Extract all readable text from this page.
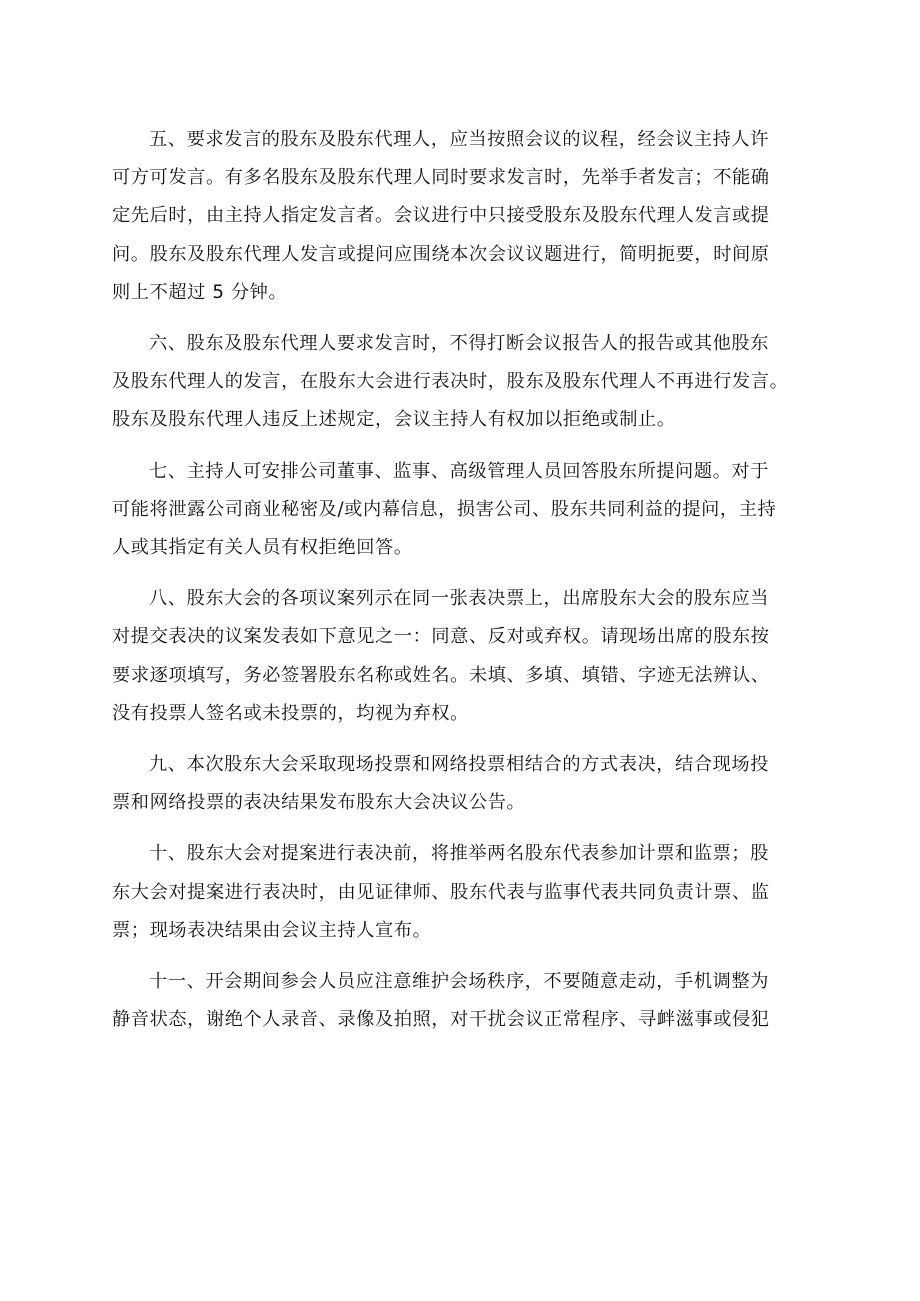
五、要求发言的股东及股东代理人，应当按照会议的议程，经会议主持人许
可方可发言。有多名股东及股东代理人同时要求发言时，先举手者发言；不能确
定先后时，由主持人指定发言者。会议进行中只接受股东及股东代理人发言或提
问。股东及股东代理人发言或提问应围绕本次会议议题进行，简明扼要，时间原
则上不超过 5 分钟。
六、股东及股东代理人要求发言时，不得打断会议报告人的报告或其他股东
及股东代理人的发言，在股东大会进行表决时，股东及股东代理人不再进行发言。
股东及股东代理人违反上述规定，会议主持人有权加以拒绝或制止。
七、主持人可安排公司董事、监事、高级管理人员回答股东所提问题。对于
可能将泄露公司商业秘密及/或内幕信息，损害公司、股东共同利益的提问，主持
人或其指定有关人员有权拒绝回答。
八、股东大会的各项议案列示在同一张表决票上，出席股东大会的股东应当
对提交表决的议案发表如下意见之一：同意、反对或弃权。请现场出席的股东按
要求逐项填写，务必签署股东名称或姓名。未填、多填、填错、字迹无法辨认、
没有投票人签名或未投票的，均视为弃权。
九、本次股东大会采取现场投票和网络投票相结合的方式表决，结合现场投
票和网络投票的表决结果发布股东大会决议公告。
十、股东大会对提案进行表决前，将推举两名股东代表参加计票和监票；股
东大会对提案进行表决时，由见证律师、股东代表与监事代表共同负责计票、监
票；现场表决结果由会议主持人宣布。
十一、开会期间参会人员应注意维护会场秩序，不要随意走动，手机调整为
静音状态，谢绝个人录音、录像及拍照，对干扰会议正常程序、寻衅滋事或侵犯
